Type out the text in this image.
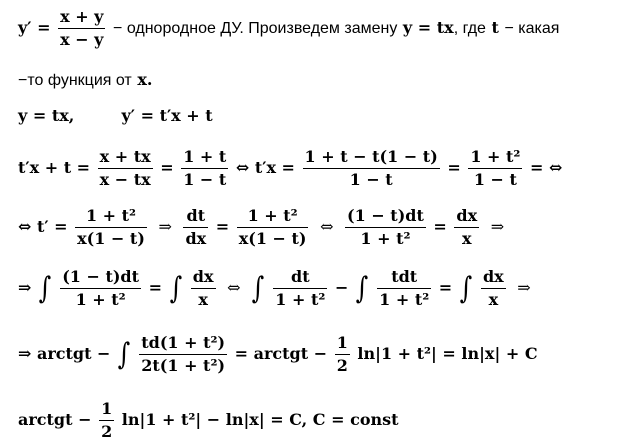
$y' = \frac{x + y}{x - y}$ − однородное ДУ. Произведем замену y = tx, где t − какая
−то функция от x.
y = tx,	y′ = t′x + t
$t'x + t = \frac{x + tx}{x - tx} = \frac{1 + t}{1 - t}$ ⇔ $t'x = \frac{1 + t - t(1 - t)}{1 - t} = \frac{\text{1 + t²}}{1 - t}$ = ⇔
⇔ $t' = \frac{\text{1 + t²}}{x(1 - t)}$ ⇒ $\frac{dt}{dx} = \frac{\text{1 + t²}}{x(1 - t)}$ ⇔ $\frac{(1 - t)dt}{\text{1 + t²}} = \frac{dx}{x}$ ⇒
⇒ ∫ $\frac{(1 - t)dt}{\text{1 + t²}}$ = ∫ $\frac{dx}{x}$ ⇔ ∫ $\frac{dt}{\text{1 + t²}}$ − ∫ $\frac{\text{tdt}}{\text{1 + t²}}$ = ∫ $\frac{dx}{x}$ ⇒
⇒ arctgt − ∫ $\frac{\text{td(1 + t²)}}{\text{2t(1 + t²)}}$ = arctgt − $\frac{1}{2} \ln|1 + t^2| = \ln|x| + C$
arctgt − $\frac{1}{2} \ln|1 + t^2| - \ln|x| = C$, C = const
